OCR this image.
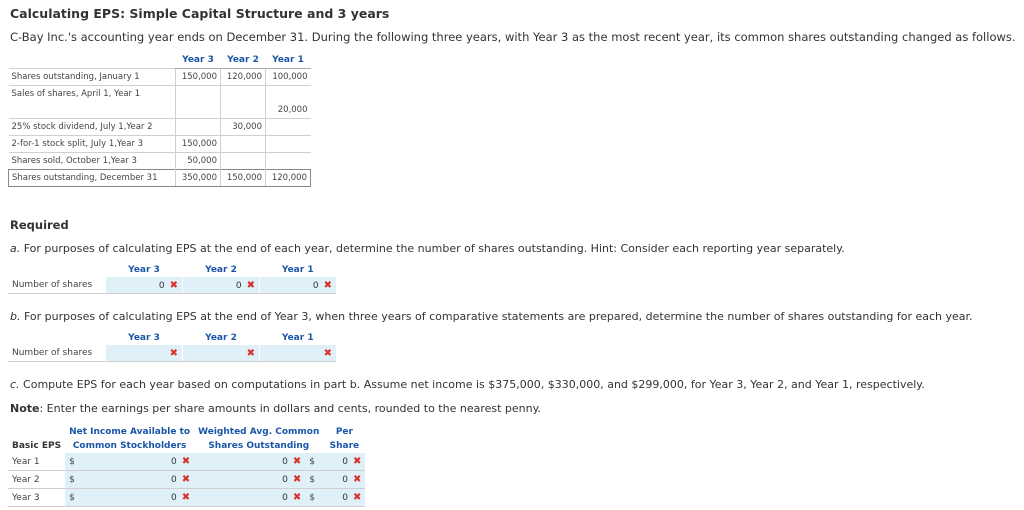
Calculating EPS: Simple Capital Structure and 3 years
C-Bay Inc.'s accounting year ends on December 31. During the following three years, with Year 3 as the most recent year, its common shares outstanding changed as follows.
	Year 3	Year 2	Year 1
Shares outstanding, January 1	150,000	120,000	100,000
Sales of shares, April 1, Year 1			
			20,000
25% stock dividend, July 1,Year 2		30,000	
2-for-1 stock split, July 1,Year 3	150,000		
Shares sold, October 1,Year 3	50,000		
Shares outstanding, December 31	350,000	150,000	120,000
Required
a. For purposes of calculating EPS at the end of each year, determine the number of shares outstanding. Hint: Consider each reporting year separately.
	Year 3	Year 2	Year 1
Number of shares	0 ✖	0 ✖	0 ✖
b. For purposes of calculating EPS at the end of Year 3, when three years of comparative statements are prepared, determine the number of shares outstanding for each year.
	Year 3	Year 2	Year 1
Number of shares	✖	✖	✖
c. Compute EPS for each year based on computations in part b. Assume net income is $375,000, $330,000, and $299,000, for Year 3, Year 2, and Year 1, respectively.
Note: Enter the earnings per share amounts in dollars and cents, rounded to the nearest penny.
	Net Income Available to		Weighted Avg. Common		Per
Basic EPS	Common Stockholders		Shares Outstanding		Share
Year 1	$	0 ✖	0 ✖	$	0 ✖
Year 2	$	0 ✖	0 ✖	$	0 ✖
Year 3	$	0 ✖	0 ✖	$	0 ✖
